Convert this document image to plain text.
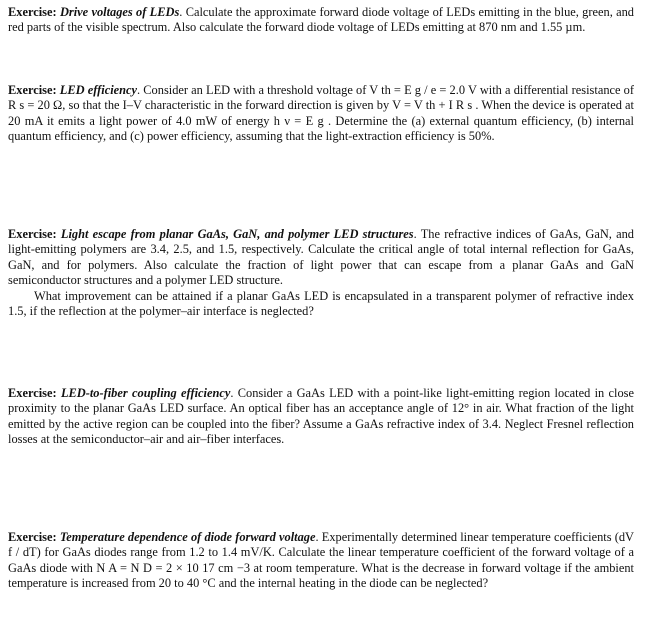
Exercise: Drive voltages of LEDs. Calculate the approximate forward diode voltage of LEDs emitting in the blue, green, and red parts of the visible spectrum. Also calculate the forward diode voltage of LEDs emitting at 870 nm and 1.55 µm.

Exercise: LED efficiency. Consider an LED with a threshold voltage of V th = E g / e = 2.0 V with a differential resistance of R s = 20 Ω, so that the I–V characteristic in the forward direction is given by V = V th + I R s . When the device is operated at 20 mA it emits a light power of 4.0 mW of energy h ν = E g . Determine the (a) external quantum efficiency, (b) internal quantum efficiency, and (c) power efficiency, assuming that the light-extraction efficiency is 50%.

Exercise: Light escape from planar GaAs, GaN, and polymer LED structures. The refractive indices of GaAs, GaN, and light-emitting polymers are 3.4, 2.5, and 1.5, respectively. Calculate the critical angle of total internal reflection for GaAs, GaN, and for polymers. Also calculate the fraction of light power that can escape from a planar GaAs and GaN semiconductor structures and a polymer LED structure.

What improvement can be attained if a planar GaAs LED is encapsulated in a transparent polymer of refractive index 1.5, if the reflection at the polymer–air interface is neglected?

Exercise: LED-to-fiber coupling efficiency. Consider a GaAs LED with a point-like light-emitting region located in close proximity to the planar GaAs LED surface. An optical fiber has an acceptance angle of 12° in air. What fraction of the light emitted by the active region can be coupled into the fiber? Assume a GaAs refractive index of 3.4. Neglect Fresnel reflection losses at the semiconductor–air and air–fiber interfaces.

Exercise: Temperature dependence of diode forward voltage. Experimentally determined linear temperature coefficients (dV f / dT) for GaAs diodes range from 1.2 to 1.4 mV/K. Calculate the linear temperature coefficient of the forward voltage of a GaAs diode with N A = N D = 2 × 10 17 cm −3 at room temperature. What is the decrease in forward voltage if the ambient temperature is increased from 20 to 40 °C and the internal heating in the diode can be neglected?
